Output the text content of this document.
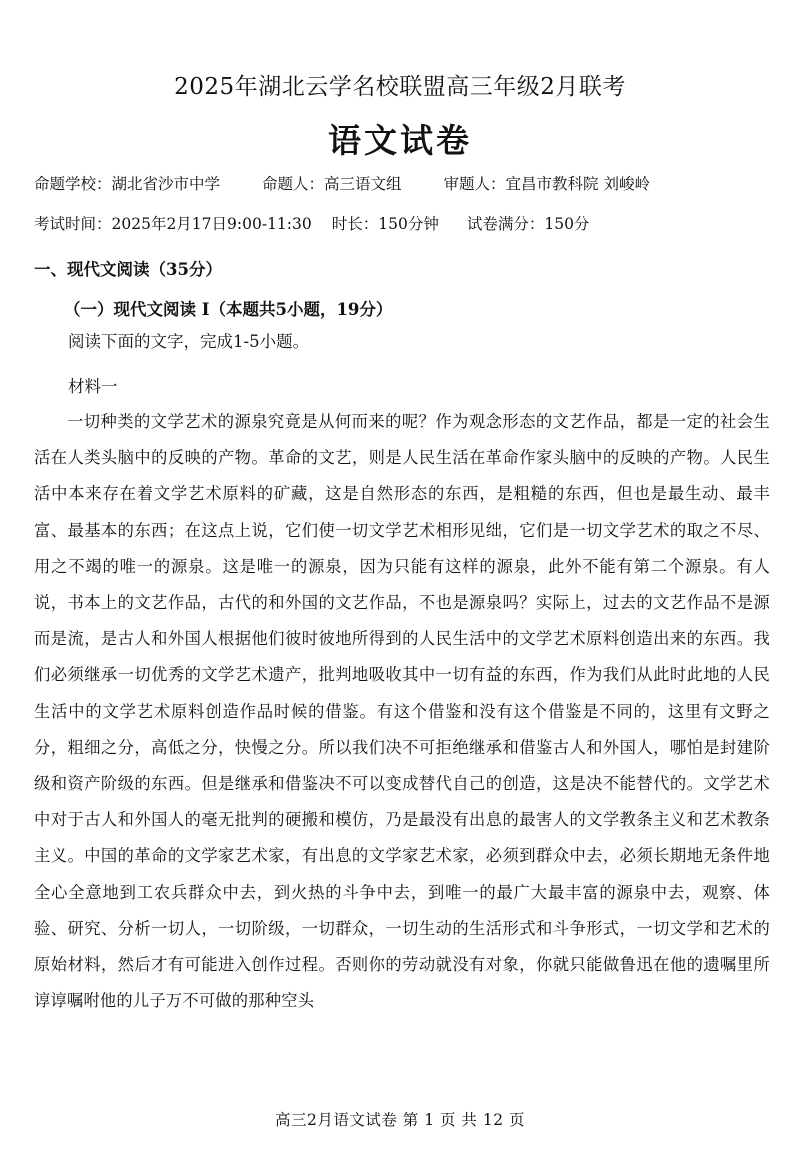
2025年湖北云学名校联盟高三年级2月联考
语文试卷
命题学校：湖北省沙市中学	命题人：高三语文组	审题人：宜昌市教科院 刘峻岭
考试时间：2025年2月17日9:00-11:30 时长：150分钟 试卷满分：150分
一、现代文阅读（35分）
（一）现代文阅读 I（本题共5小题，19分）
阅读下面的文字，完成1-5小题。
材料一

一切种类的文学艺术的源泉究竟是从何而来的呢？作为观念形态的文艺作品，都是一定的社会生活在人类头脑中的反映的产物。革命的文艺，则是人民生活在革命作家头脑中的反映的产物。人民生活中本来存在着文学艺术原料的矿藏，这是自然形态的东西，是粗糙的东西，但也是最生动、最丰富、最基本的东西；在这点上说，它们使一切文学艺术相形见绌，它们是一切文学艺术的取之不尽、用之不竭的唯一的源泉。这是唯一的源泉，因为只能有这样的源泉，此外不能有第二个源泉。有人说，书本上的文艺作品，古代的和外国的文艺作品，不也是源泉吗？实际上，过去的文艺作品不是源而是流，是古人和外国人根据他们彼时彼地所得到的人民生活中的文学艺术原料创造出来的东西。我们必须继承一切优秀的文学艺术遗产，批判地吸收其中一切有益的东西，作为我们从此时此地的人民生活中的文学艺术原料创造作品时候的借鉴。有这个借鉴和没有这个借鉴是不同的，这里有文野之分，粗细之分，高低之分，快慢之分。所以我们决不可拒绝继承和借鉴古人和外国人，哪怕是封建阶级和资产阶级的东西。但是继承和借鉴决不可以变成替代自己的创造，这是决不能替代的。文学艺术中对于古人和外国人的毫无批判的硬搬和模仿，乃是最没有出息的最害人的文学教条主义和艺术教条主义。中国的革命的文学家艺术家，有出息的文学家艺术家，必须到群众中去，必须长期地无条件地全心全意地到工农兵群众中去，到火热的斗争中去，到唯一的最广大最丰富的源泉中去，观察、体验、研究、分析一切人，一切阶级，一切群众，一切生动的生活形式和斗争形式，一切文学和艺术的原始材料，然后才有可能进入创作过程。否则你的劳动就没有对象，你就只能做鲁迅在他的遗嘱里所谆谆嘱咐他的儿子万不可做的那种空头

高三2月语文试卷 第 1 页 共 12 页
